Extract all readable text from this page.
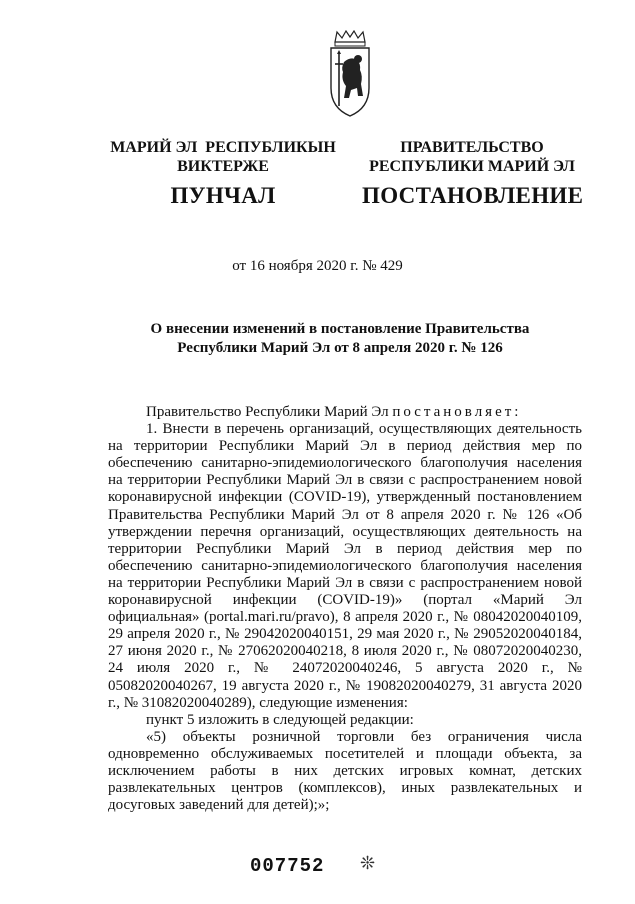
МАРИЙ ЭЛ  РЕСПУБЛИКЫН
ВИКТЕРЖЕ
ПУНЧАЛ
ПРАВИТЕЛЬСТВО
РЕСПУБЛИКИ МАРИЙ ЭЛ
ПОСТАНОВЛЕНИЕ
от 16 ноября 2020 г. № 429
О внесении изменений в постановление Правительства
Республики Марий Эл от 8 апреля 2020 г. № 126

Правительство Республики Марий Эл постановляет:

1. Внести в перечень организаций, осуществляющих деятельность на территории Республики Марий Эл в период действия мер по обеспечению санитарно-эпидемиологического благополучия населения на территории Республики Марий Эл в связи с распространением новой коронавирусной инфекции (COVID-19), утвержденный постановлением Правительства Республики Марий Эл от 8 апреля 2020 г. № 126 «Об утверждении перечня организаций, осуществляющих деятельность на территории Республики Марий Эл в период действия мер по обеспечению санитарно-эпидемиологического благополучия населения на территории Республики Марий Эл в связи с распространением новой коронавирусной инфекции (COVID-19)» (портал «Марий Эл официальная» (portal.mari.ru/pravo), 8 апреля 2020 г., № 08042020040109, 29 апреля 2020 г., № 29042020040151, 29 мая 2020 г., № 29052020040184, 27 июня 2020 г., № 27062020040218, 8 июля 2020 г., № 08072020040230, 24 июля 2020 г., № 24072020040246, 5 августа 2020 г., № 05082020040267, 19 августа 2020 г., № 19082020040279, 31 августа 2020 г., № 31082020040289), следующие изменения:

пункт 5 изложить в следующей редакции:

«5) объекты розничной торговли без ограничения числа одновременно обслуживаемых посетителей и площади объекта, за исключением работы в них детских игровых комнат, детских развлекательных центров (комплексов), иных развлекательных и досуговых заведений для детей);»;

007752 ❊
